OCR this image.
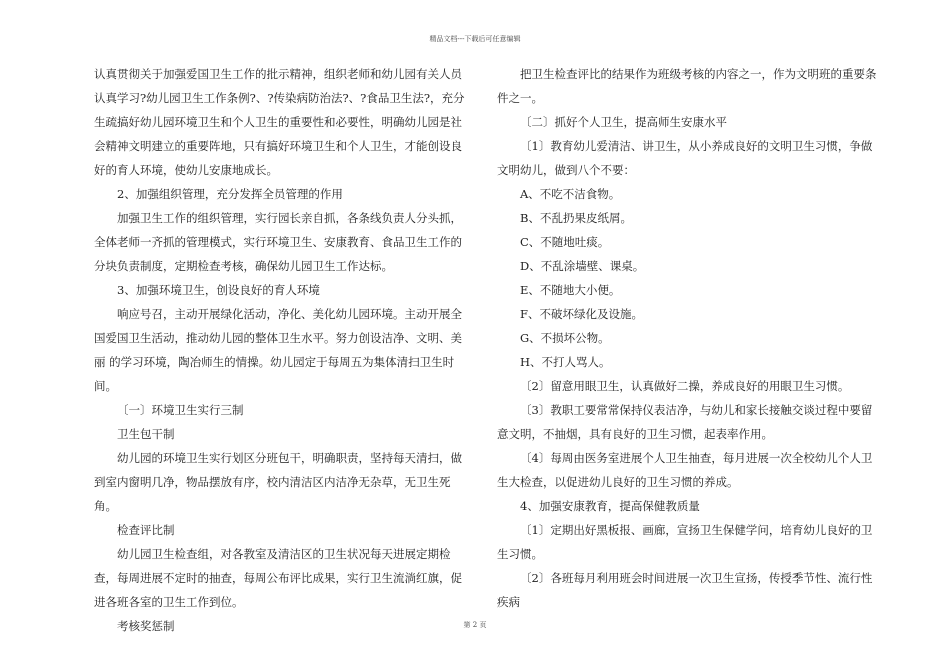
精品文档---下载后可任意编辑

认真贯彻关于加强爱国卫生工作的批示精神，组织老师和幼儿园有关人员认真学习?幼儿园卫生工作条例?、?传染病防治法?、?食品卫生法?，充分生疏搞好幼儿园环境卫生和个人卫生的重要性和必要性，明确幼儿园是社会精神文明建立的重要阵地，只有搞好环境卫生和个人卫生，才能创设良好的育人环境，使幼儿安康地成长。

2、加强组织管理，充分发挥全员管理的作用

加强卫生工作的组织管理，实行园长亲自抓，各条线负责人分头抓，全体老师一齐抓的管理模式，实行环境卫生、安康教育、食品卫生工作的分块负责制度，定期检查考核，确保幼儿园卫生工作达标。

3、加强环境卫生，创设良好的育人环境

响应号召，主动开展绿化活动，净化、美化幼儿园环境。主动开展全国爱国卫生活动，推动幼儿园的整体卫生水平。努力创设洁净、文明、美丽 的学习环境，陶冶师生的情操。幼儿园定于每周五为集体清扫卫生时间。

〔一〕环境卫生实行三制

卫生包干制

幼儿园的环境卫生实行划区分班包干，明确职责，坚持每天清扫，做到室内窗明几净，物品摆放有序，校内清洁区内洁净无杂草，无卫生死角。

检查评比制

幼儿园卫生检查组，对各教室及清洁区的卫生状况每天进展定期检查，每周进展不定时的抽查，每周公布评比成果，实行卫生流淌红旗，促进各班各室的卫生工作到位。

考核奖惩制

把卫生检查评比的结果作为班级考核的内容之一，作为文明班的重要条件之一。

〔二〕抓好个人卫生，提高师生安康水平

〔1〕教育幼儿爱清洁、讲卫生，从小养成良好的文明卫生习惯，争做文明幼儿，做到八个不要：

A、不吃不洁食物。

B、不乱扔果皮纸屑。

C、不随地吐痰。

D、不乱涂墙壁、课桌。

E、不随地大小便。

F、不破坏绿化及设施。

G、不损坏公物。

H、不打人骂人。

〔2〕留意用眼卫生，认真做好二操，养成良好的用眼卫生习惯。

〔3〕教职工要常常保持仪表洁净，与幼儿和家长接触交谈过程中要留意文明，不抽烟，具有良好的卫生习惯，起表率作用。

〔4〕每周由医务室进展个人卫生抽查，每月进展一次全校幼儿个人卫生大检查，以促进幼儿良好的卫生习惯的养成。

4、加强安康教育，提高保健教质量

〔1〕定期出好黑板报、画廊，宣扬卫生保健学问，培育幼儿良好的卫生习惯。

〔2〕各班每月利用班会时间进展一次卫生宣扬，传授季节性、流行性疾病

第 2 页
